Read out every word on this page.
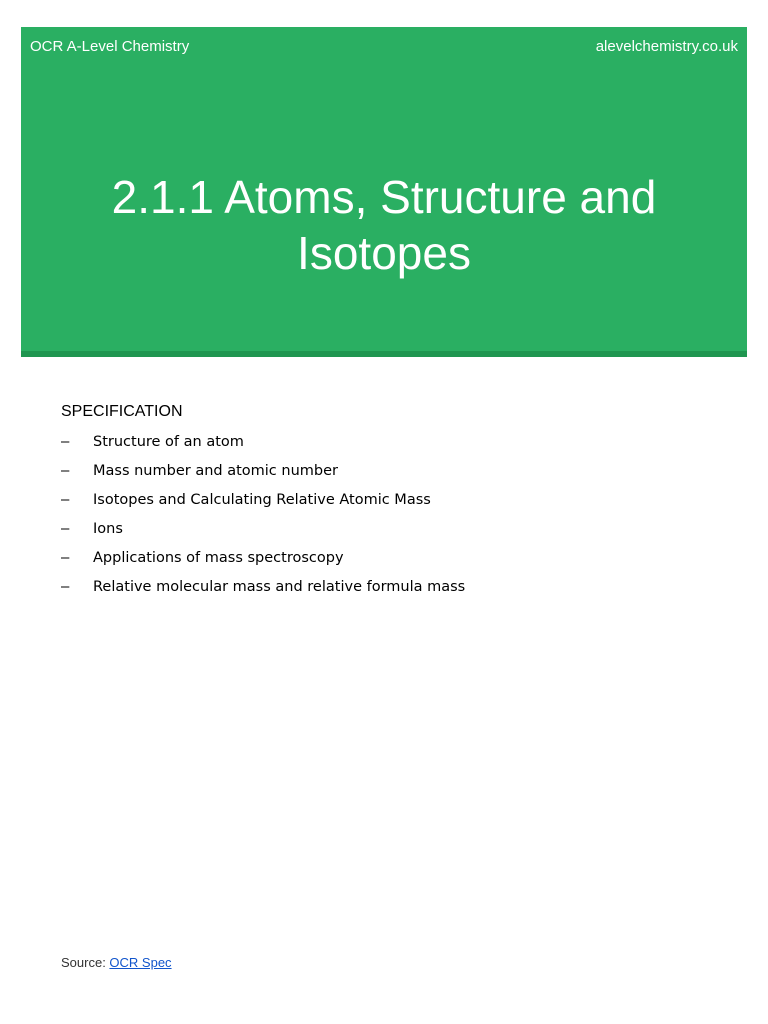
OCR A-Level Chemistry	alevelchemistry.co.uk
2.1.1 Atoms, Structure and Isotopes
SPECIFICATION
– Structure of an atom
– Mass number and atomic number
– Isotopes and Calculating Relative Atomic Mass
– Ions
– Applications of mass spectroscopy
– Relative molecular mass and relative formula mass
Source: OCR Spec
